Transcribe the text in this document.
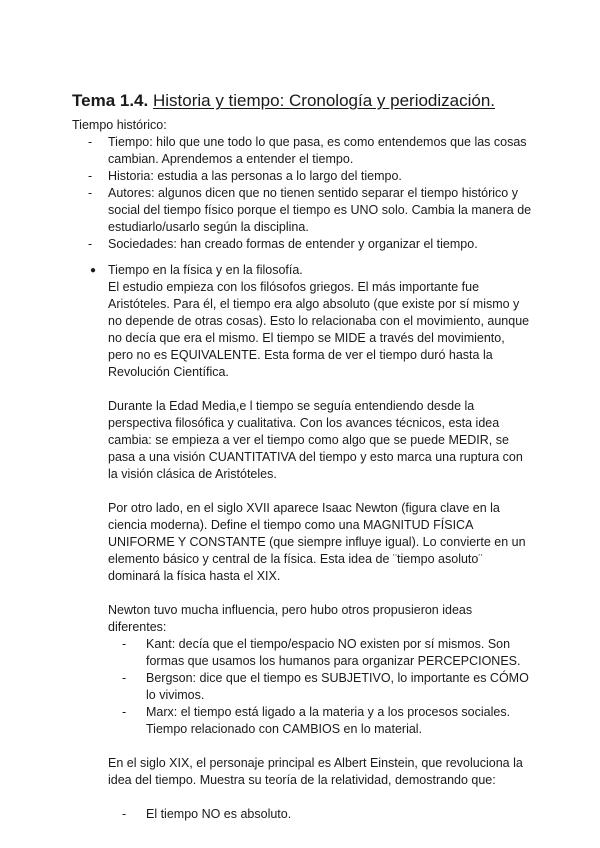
Tema 1.4. Historia y tiempo: Cronología y periodización.
Tiempo histórico:
-	Tiempo: hilo que une todo lo que pasa, es como entendemos que las cosas cambian. Aprendemos a entender el tiempo.
-	Historia: estudia a las personas a lo largo del tiempo.
-	Autores: algunos dicen que no tienen sentido separar el tiempo histórico y social del tiempo físico porque el tiempo es UNO solo. Cambia la manera de estudiarlo/usarlo según la disciplina.
-	Sociedades: han creado formas de entender y organizar el tiempo.
● Tiempo en la física y en la filosofía.

El estudio empieza con los filósofos griegos. El más importante fue Aristóteles. Para él, el tiempo era algo absoluto (que existe por sí mismo y no depende de otras cosas). Esto lo relacionaba con el movimiento, aunque no decía que era el mismo. El tiempo se MIDE a través del movimiento, pero no es EQUIVALENTE. Esta forma de ver el tiempo duró hasta la Revolución Científica.

Durante la Edad Media,e l tiempo se seguía entendiendo desde la perspectiva filosófica y cualitativa. Con los avances técnicos, esta idea cambia: se empieza a ver el tiempo como algo que se puede MEDIR, se pasa a una visión CUANTITATIVA del tiempo y esto marca una ruptura con la visión clásica de Aristóteles.

Por otro lado, en el siglo XVII aparece Isaac Newton (figura clave en la ciencia moderna). Define el tiempo como una MAGNITUD FÍSICA UNIFORME Y CONSTANTE (que siempre influye igual). Lo convierte en un elemento básico y central de la física. Esta idea de ¨tiempo asoluto¨ dominará la física hasta el XIX.

Newton tuvo mucha influencia, pero hubo otros propusieron ideas diferentes:

-	Kant: decía que el tiempo/espacio NO existen por sí mismos. Son formas que usamos los humanos para organizar PERCEPCIONES.
-	Bergson: dice que el tiempo es SUBJETIVO, lo importante es CÓMO lo vivimos.
-	Marx: el tiempo está ligado a la materia y a los procesos sociales. Tiempo relacionado con CAMBIOS en lo material.

En el siglo XIX, el personaje principal es Albert Einstein, que revoluciona la idea del tiempo. Muestra su teoría de la relatividad, demostrando que:

-	El tiempo NO es absoluto.
